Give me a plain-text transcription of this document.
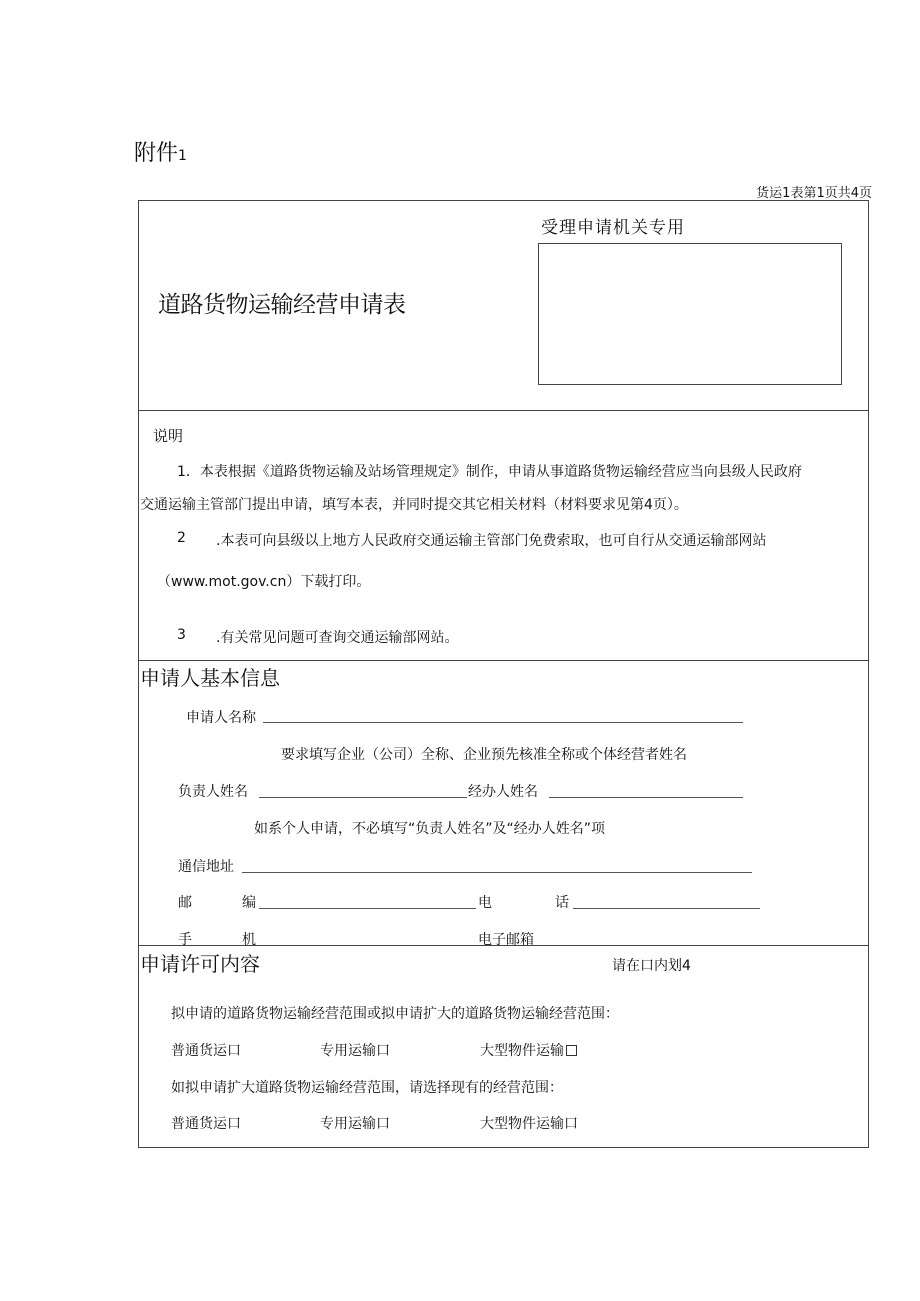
附件1
货运1表第1页共4页
道路货物运输经营申请表
受理申请机关专用
说明
1．本表根据《道路货物运输及站场管理规定》制作，申请从事道路货物运输经营应当向县级人民政府
交通运输主管部门提出申请，填写本表，并同时提交其它相关材料（材料要求见第4页）。
2 .本表可向县级以上地方人民政府交通运输主管部门免费索取，也可自行从交通运输部网站
（www.mot.gov.cn）下载打印。
3 .有关常见问题可查询交通运输部网站。
申请人基本信息
申请人名称
要求填写企业（公司）全称、企业预先核准全称或个体经营者姓名
负责人姓名	经办人姓名
如系个人申请，不必填写“负责人姓名”及“经办人姓名”项
通信地址
邮	编	电	话
手	机	电子邮箱
申请许可内容	请在口内划4
拟申请的道路货物运输经营范围或拟申请扩大的道路货物运输经营范围：
普通货运口	专用运输口	大型物件运输
如拟申请扩大道路货物运输经营范围，请选择现有的经营范围：
普通货运口	专用运输口	大型物件运输口
